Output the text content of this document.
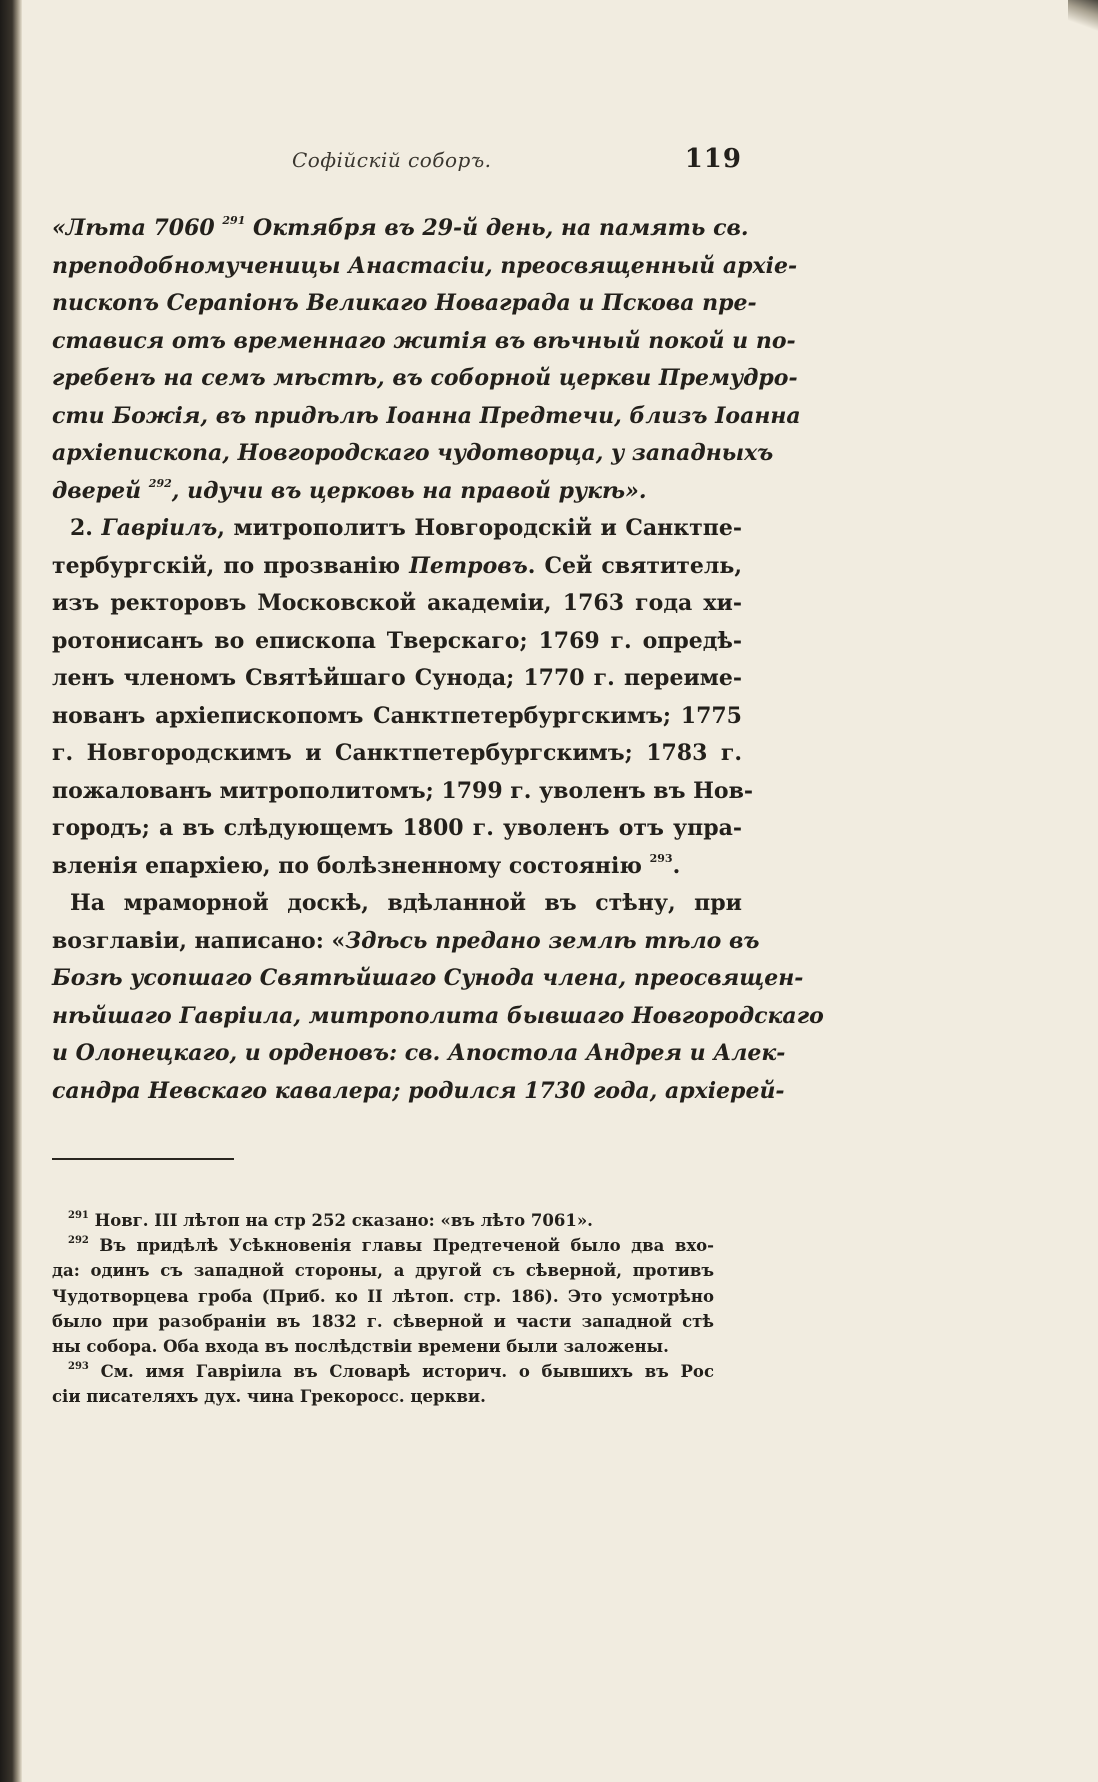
Софійскій соборъ.	119
«Лѣта 7060 $^{291}$ Октября въ 29-й день, на память св.
преподобномученицы Анастасіи, преосвященный архіе-
пископъ Серапіонъ Великаго Новаграда и Пскова пре-
ставися отъ временнаго житія въ вѣчный покой и по-
гребенъ на семъ мѣстѣ, въ соборной церкви Премудро-
сти Божія, въ придѣлѣ Іоанна Предтечи, близъ Іоанна
архіепископа, Новгородскаго чудотворца, у западныхъ
дверей $^{292}$, идучи въ церковь на правой рукѣ».
2. Гавріилъ, митрополитъ Новгородскій и Санктпе-
тербургскій, по прозванію Петровъ. Сей святитель,
изъ ректоровъ Московской академіи, 1763 года хи-
ротонисанъ во епископа Тверскаго; 1769 г. опредѣ-
ленъ членомъ Святѣйшаго Сунода; 1770 г. переиме-
нованъ архіепископомъ Санктпетербургскимъ; 1775
г. Новгородскимъ и Санктпетербургскимъ; 1783 г.
пожалованъ митрополитомъ; 1799 г. уволенъ въ Нов-
городъ; а въ слѣдующемъ 1800 г. уволенъ отъ упра-
вленія епархіею, по болѣзненному состоянію $^{293}$.
На мраморной доскѣ, вдѣланной въ стѣну, при
возглавіи, написано: «Здѣсь предано землѣ тѣло въ
Бозѣ усопшаго Святѣйшаго Сунода члена, преосвящен-
нѣйшаго Гавріила, митрополита бывшаго Новгородскаго
и Олонецкаго, и орденовъ: св. Апостола Андрея и Алек-
сандра Невскаго кавалера; родился 1730 года, архіерей-
$^{291}$ Новг. III лѣтоп на стр 252 сказано: «въ лѣто 7061».
$^{292}$ Въ придѣлѣ Усѣкновенія главы Предтеченой было два вхо-
да: одинъ съ западной стороны, а другой съ сѣверной, противъ
Чудотворцева гроба (Приб. ко II лѣтоп. стр. 186). Это усмотрѣно
было при разобраніи въ 1832 г. сѣверной и части западной стѣ
ны собора. Оба входа въ послѣдствіи времени были заложены.
$^{293}$ См. имя Гавріила въ Словарѣ историч. о бывшихъ въ Рос
сіи писателяхъ дух. чина Грекоросс. церкви.
